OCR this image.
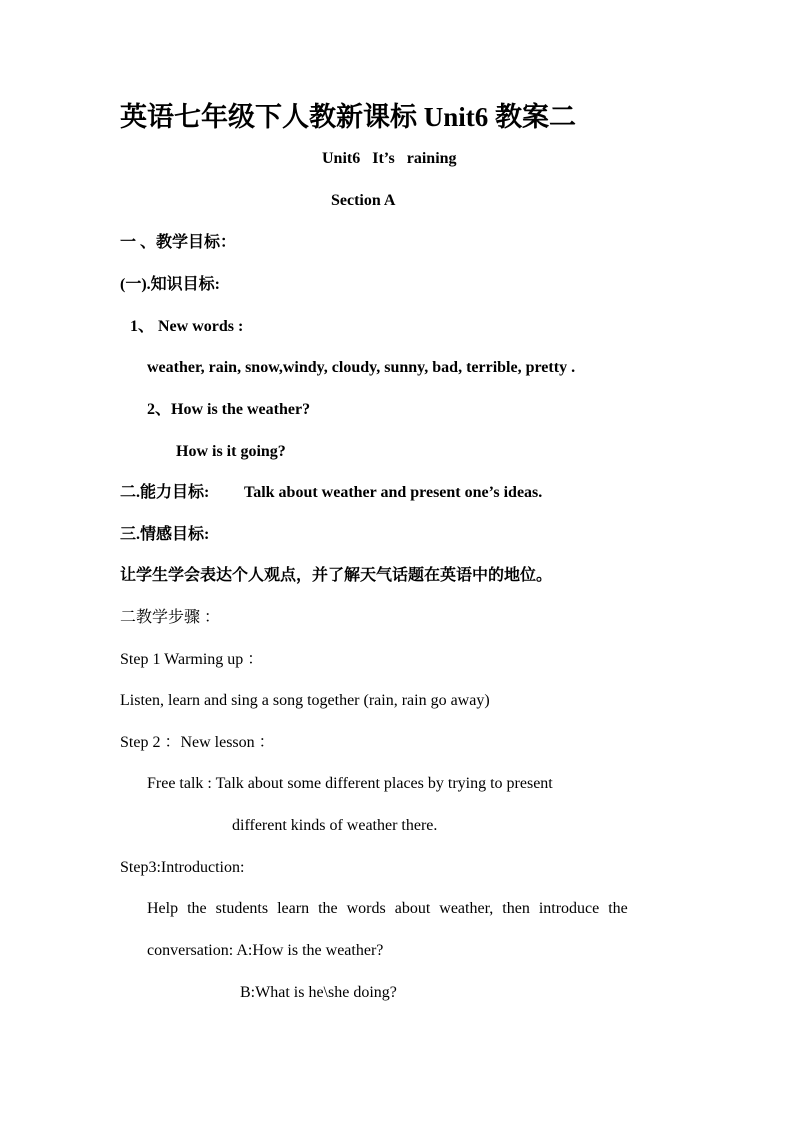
英语七年级下人教新课标 Unit6 教案二
Unit6 It’s raining
Section A
一 、教学目标：
(一).知识目标:
1、 New words :
weather, rain, snow,windy, cloudy, sunny, bad, terrible, pretty .
2、How is the weather?
How is it going?
二.能力目标: Talk about weather and present one’s ideas.
三.情感目标:
让学生学会表达个人观点，并了解天气话题在英语中的地位。
二教学步骤 ：
Step 1 Warming up ：
Listen, learn and sing a song together (rain, rain go away)
Step 2 ：New lesson ：
Free talk : Talk about some different places by trying to present
different kinds of weather there.
Step3:Introduction:
Help the students learn the words about weather, then introduce the
conversation: A:How is the weather?
B:What is he\she doing?
